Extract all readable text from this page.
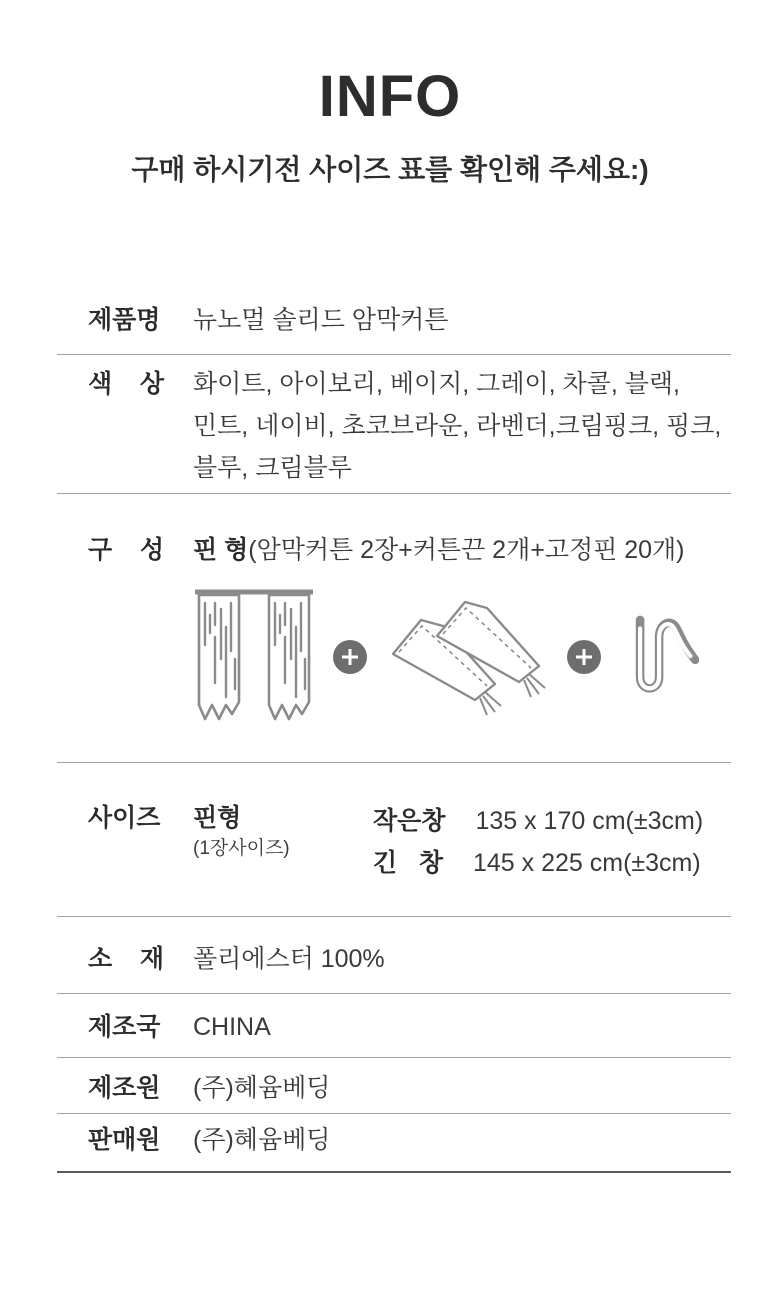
INFO
구매 하시기전 사이즈 표를 확인해 주세요:)
제품명 뉴노멀 솔리드 암막커튼
색 상 화이트, 아이보리, 베이지, 그레이, 차콜, 블랙,
민트, 네이비, 초코브라운, 라벤더,크림핑크, 핑크,
블루, 크림블루
구 성 핀 형(암막커튼 2장+커튼끈 2개+고정핀 20개)
사이즈 핀형
(1장사이즈)
작은창 135 x 170 cm(±3cm)
긴 창 145 x 225 cm(±3cm)
소 재 폴리에스터 100%
제조국 CHINA
제조원 (주)혜윰베딩
판매원 (주)혜윰베딩
